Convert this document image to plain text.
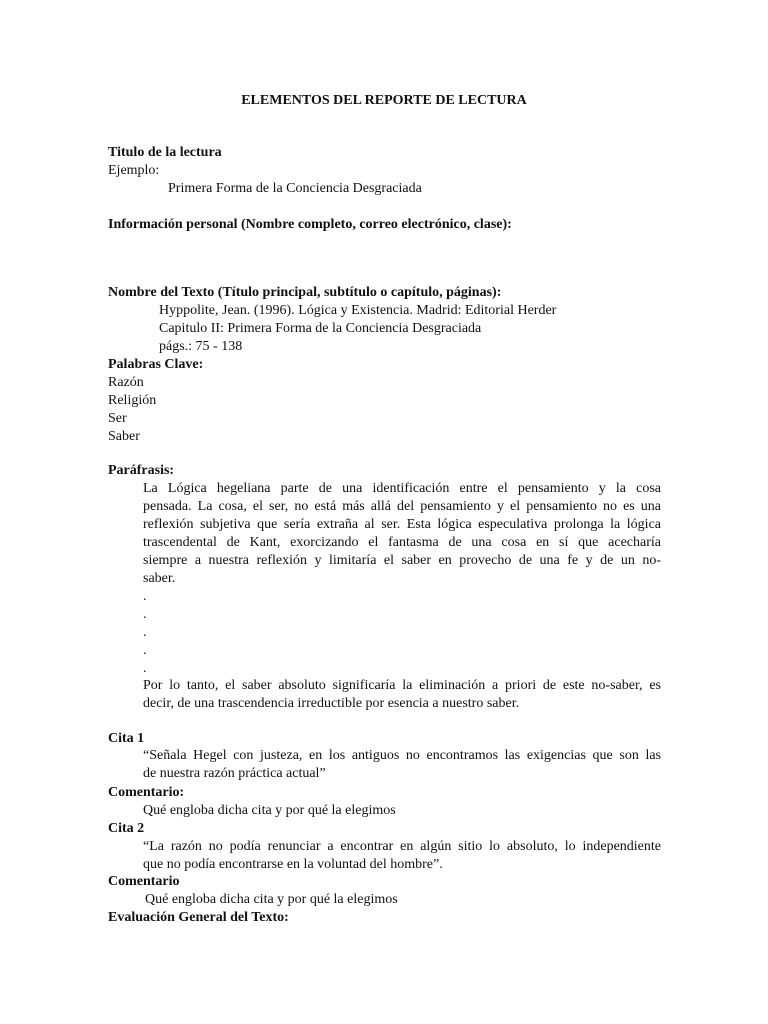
ELEMENTOS DEL REPORTE DE LECTURA
Titulo de la lectura
Ejemplo:
Primera Forma de la Conciencia Desgraciada
Información personal (Nombre completo, correo electrónico, clase):
Nombre del Texto (Título principal, subtítulo o capítulo, páginas):
Hyppolite, Jean. (1996). Lógica y Existencia. Madrid: Editorial Herder
Capitulo II: Primera Forma de la Conciencia Desgraciada
págs.: 75 - 138
Palabras Clave:
Razón
Religión
Ser
Saber
Paráfrasis:
La Lógica hegeliana parte de una identificación entre el pensamiento y la cosa
pensada. La cosa, el ser, no está más allá del pensamiento y el pensamiento no es una
reflexión subjetiva que sería extraña al ser. Esta lógica especulativa prolonga la lógica
trascendental de Kant, exorcizando el fantasma de una cosa en sí que acecharía
siempre a nuestra reflexión y limitaría el saber en provecho de una fe y de un no-
saber.
.
.
.
.
.
Por lo tanto, el saber absoluto significaría la eliminación a priori de este no-saber, es
decir, de una trascendencia irreductible por esencia a nuestro saber.
Cita 1
“Señala Hegel con justeza, en los antiguos no encontramos las exigencias que son las
de nuestra razón práctica actual”
Comentario:
Qué engloba dicha cita y por qué la elegimos
Cita 2
“La razón no podía renunciar a encontrar en algún sitio lo absoluto, lo independiente
que no podía encontrarse en la voluntad del hombre”.
Comentario
Qué engloba dicha cita y por qué la elegimos
Evaluación General del Texto:
